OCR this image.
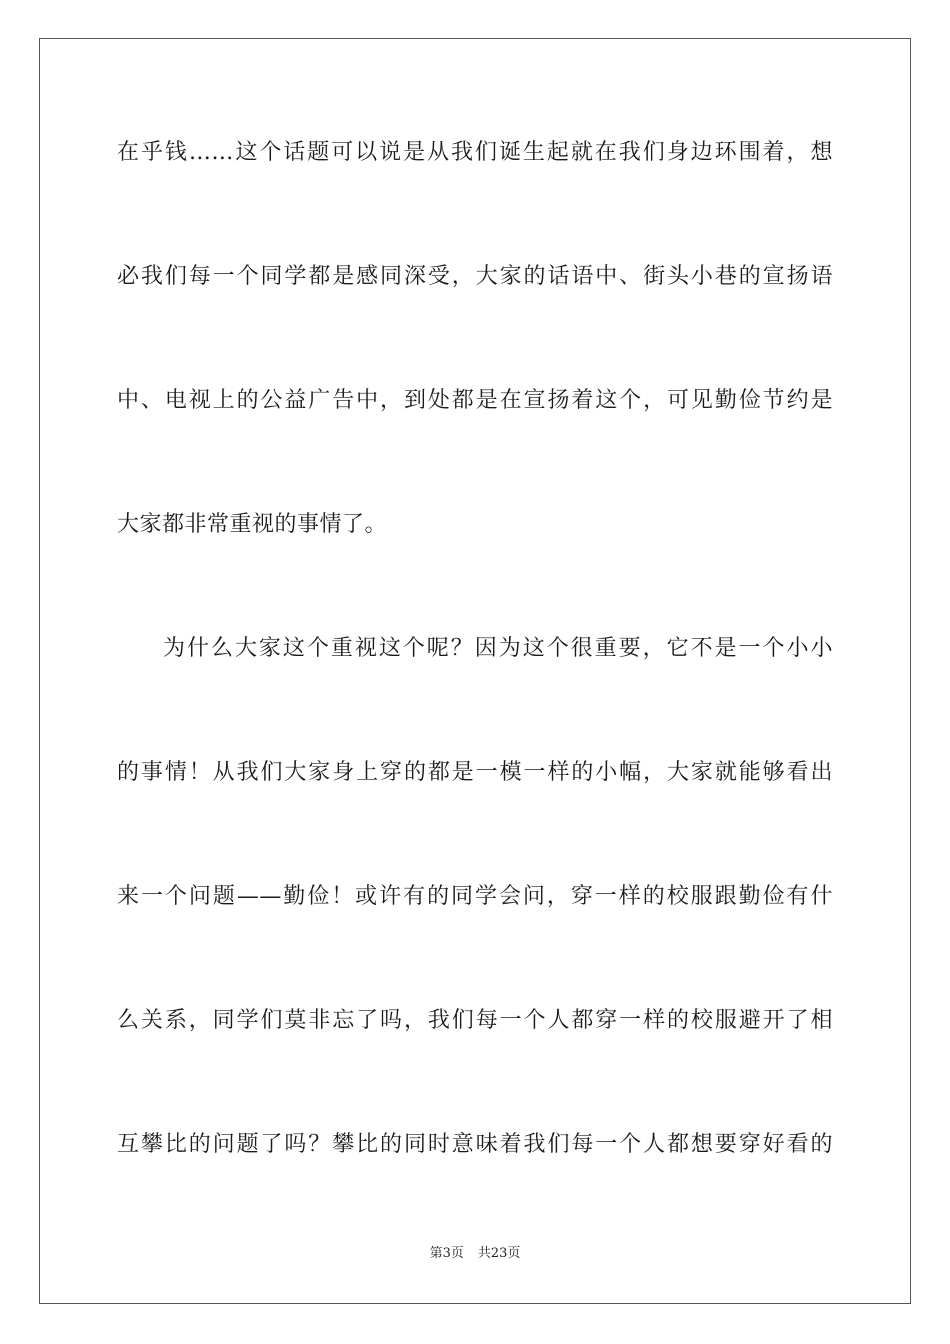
在乎钱……这个话题可以说是从我们诞生起就在我们身边环围着，想
必我们每一个同学都是感同深受，大家的话语中、街头小巷的宣扬语
中、电视上的公益广告中，到处都是在宣扬着这个，可见勤俭节约是
大家都非常重视的事情了。
为什么大家这个重视这个呢？因为这个很重要，它不是一个小小
的事情！从我们大家身上穿的都是一模一样的小幅，大家就能够看出
来一个问题——勤俭！或许有的同学会问，穿一样的校服跟勤俭有什
么关系，同学们莫非忘了吗，我们每一个人都穿一样的校服避开了相
互攀比的问题了吗？攀比的同时意味着我们每一个人都想要穿好看的
第3页 共23页
